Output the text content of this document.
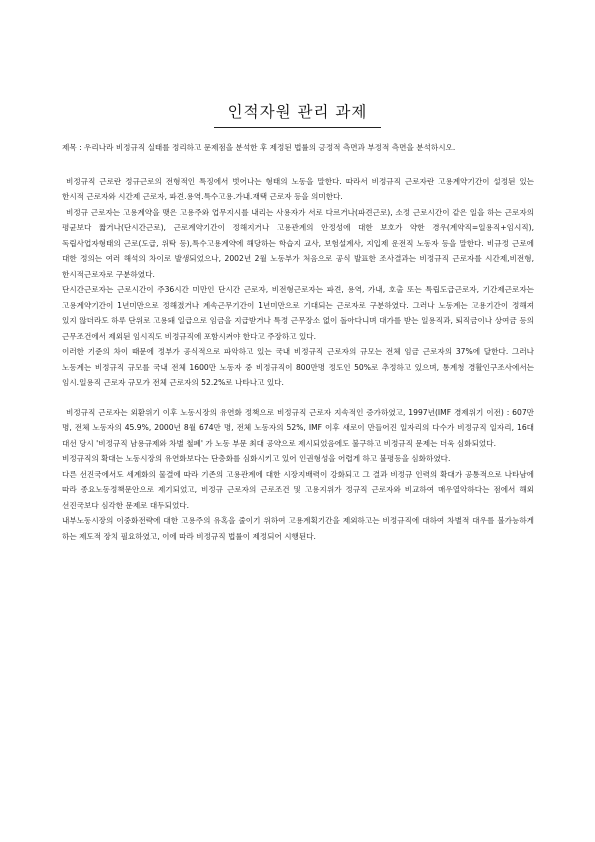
인적자원 관리 과제

제목 : 우리나라 비정규직 실태를 정리하고 문제점을 분석한 후 제정된 법률의 긍정적 측면과 부정적 측면을 분석하시오.

비정규직 근로란 정규근로의 전형적인 특징에서 벗어나는 형태의 노동을 말한다. 따라서 비정규직 근로자란 고용계약기간이 설정된 있는 한시적 근로자와 시간제 근로자, 파견.용역.특수고용.가내.재택 근로자 등을 의미한다.

비정규 근로자는 고용계약을 맺은 고용주와 업무지시를 내리는 사용자가 서로 다르거나(파견근로), 소정 근로시간이 같은 일을 하는 근로자의 평균보다 짧거나(단시간근로), 근로계약기간이 정해지거나 고용관계의 안정성에 대한 보호가 약한 경우(계약직=일용직+임시직), 독립사업자형태의 근로(도급, 위탁 등),특수고용계약에 해당하는 학습지 교사, 보험설계사, 지입제 운전직 노동자 등을 말한다. 비규정 근로에 대한 정의는 여러 해석의 차이로 발생되었으나, 2002년 2월 노동부가 처음으로 공식 발표한 조사결과는 비정규직 근로자를 시간제,비전형,한시적근로자로 구분하였다.

단시간근로자는 근로시간이 주36시간 미만인 단시간 근로자, 비전형근로자는 파견, 용역, 가내, 호출 또는 특립도급근로자, 기간제근로자는 고용계약기간이 1년미만으로 정해졌거나 계속근무기간이 1년미만으로 기대되는 근로자로 구분하였다. 그러나 노동계는 고용기간이 정해져 있지 않더라도 하루 단위로 고용돼 일급으로 임금을 지급받거나 특정 근무장소 없이 돌아다니며 대가를 받는 일용직과, 퇴직금이나 상여금 등의 근무조건에서 제외된 임시직도 비정규직에 포함시켜야 한다고 주장하고 있다.

이러한 기준의 차이 때문에 정부가 공식적으로 파악하고 있는 국내 비정규직 근로자의 규모는 전체 임금 근로자의 37%에 달한다. 그러나 노동계는 비정규직 규모를 국내 전체 1600만 노동자 중 비정규직이 800만명 정도인 50%로 추정하고 있으며, 통계청 경활인구조사에서는 임시.일용직 근로자 규모가 전체 근로자의 52.2%로 나타나고 있다.

비정규직 근로자는 외환위기 이후 노동시장의 유연화 정책으로 비정규직 근로자 지속적인 증가하였고, 1997년(IMF 경제위기 이전) : 607만 명, 전체 노동자의 45.9%, 2000년 8월 674만 명, 전체 노동자의 52%, IMF 이후 새로이 만들어진 일자리의 다수가 비정규직 일자리, 16대 대선 당시 '비정규직 남용규제와 차별 철폐' 가 노동 부문 최대 공약으로 제시되었음에도 불구하고 비정규직 문제는 더욱 심화되었다.

비정규직의 확대는 노동시장의 유연화보다는 단층화를 심화시키고 있어 인권형성을 어렵게 하고 불평등을 심화하였다.

다른 선진국에서도 세계화의 물결에 따라 기존의 고용관계에 대한 시장지배력이 강화되고 그 결과 비정규 인력의 확대가 공통적으로 나타남에 따라 종요노동정책문안으로 제기되었고, 비정규 근로자의 근로조건 및 고용지위가 정규직 근로자와 비교하여 매우열악하다는 점에서 해외 선진국보다 심각한 문제로 대두되었다.

내부노동시장의 이중화전략에 대한 고용주의 유혹을 줄이기 위하여 고용계획기간을 제외하고는 비정규직에 대하여 차별적 대우를 불가능하게 하는 제도적 장치 필요하였고, 이에 따라 비정규직 법률이 제정되어 시행된다.
